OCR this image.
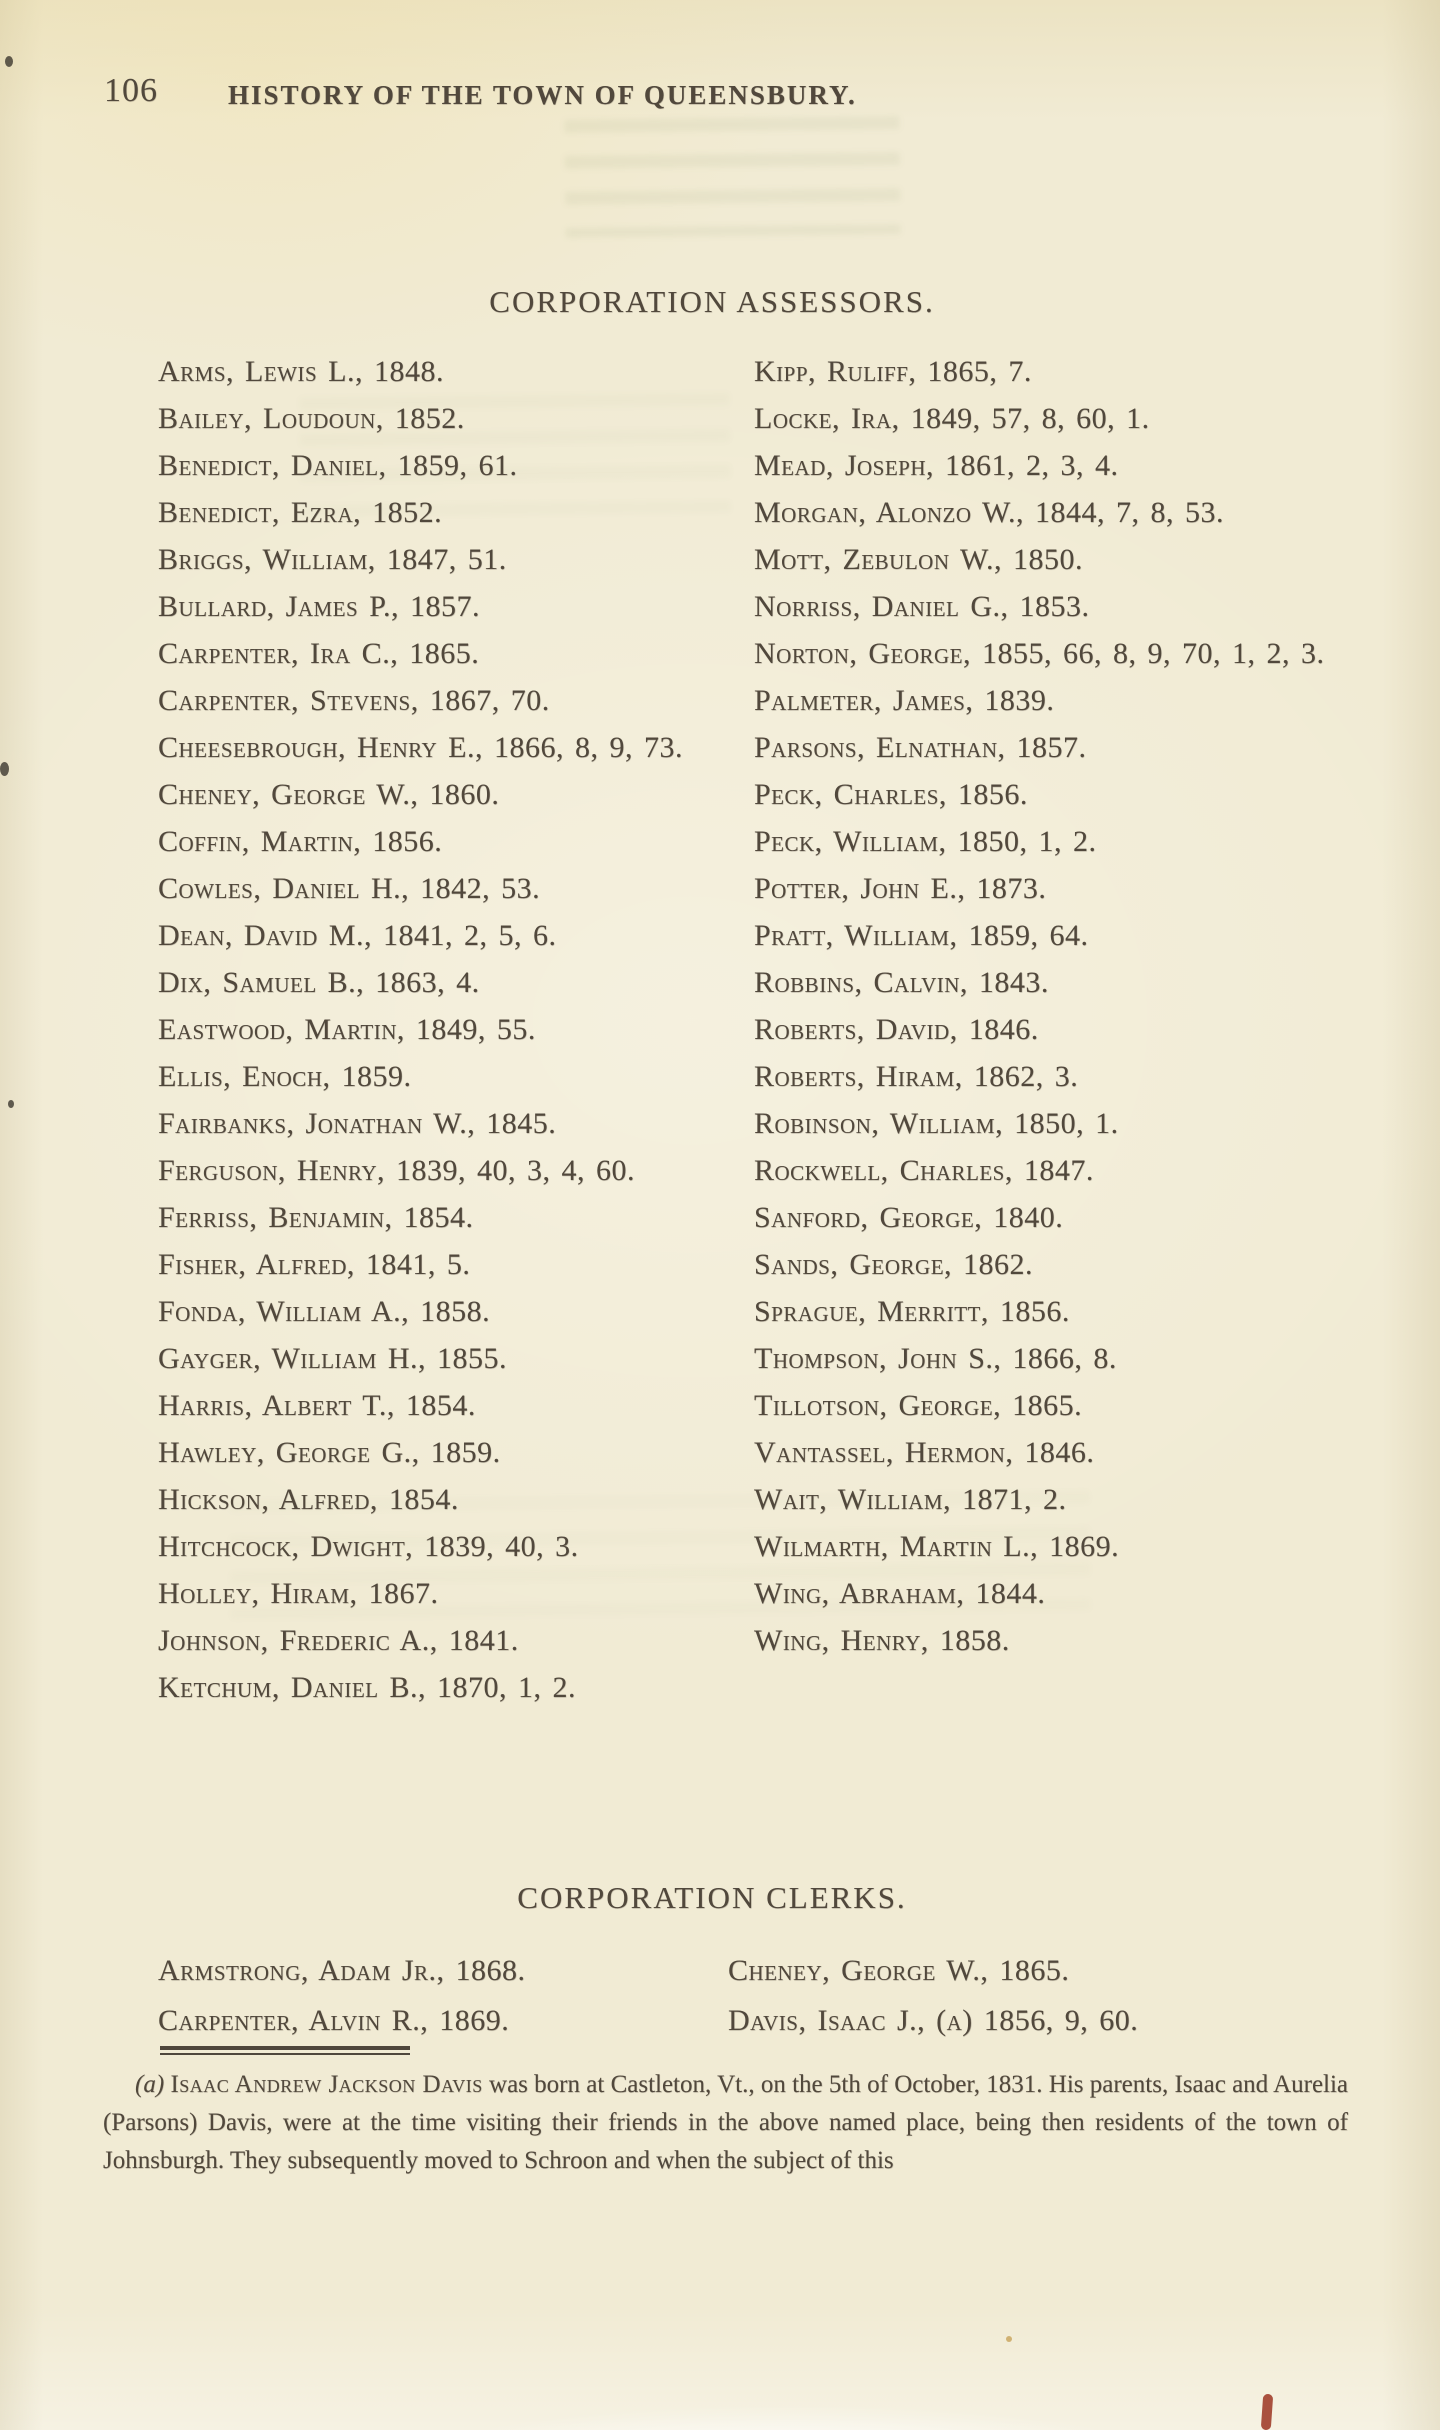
106	HISTORY OF THE TOWN OF QUEENSBURY.
CORPORATION ASSESSORS.

Arms, Lewis L., 1848.

Bailey, Loudoun, 1852.

Benedict, Daniel, 1859, 61.

Benedict, Ezra, 1852.

Briggs, William, 1847, 51.

Bullard, James P., 1857.

Carpenter, Ira C., 1865.

Carpenter, Stevens, 1867, 70.

Cheesebrough, Henry E., 1866, 8, 9, 73.

Cheney, George W., 1860.

Coffin, Martin, 1856.

Cowles, Daniel H., 1842, 53.

Dean, David M., 1841, 2, 5, 6.

Dix, Samuel B., 1863, 4.

Eastwood, Martin, 1849, 55.

Ellis, Enoch, 1859.

Fairbanks, Jonathan W., 1845.

Ferguson, Henry, 1839, 40, 3, 4, 60.

Ferriss, Benjamin, 1854.

Fisher, Alfred, 1841, 5.

Fonda, William A., 1858.

Gayger, William H., 1855.

Harris, Albert T., 1854.

Hawley, George G., 1859.

Hickson, Alfred, 1854.

Hitchcock, Dwight, 1839, 40, 3.

Holley, Hiram, 1867.

Johnson, Frederic A., 1841.

Ketchum, Daniel B., 1870, 1, 2.

Kipp, Ruliff, 1865, 7.

Locke, Ira, 1849, 57, 8, 60, 1.

Mead, Joseph, 1861, 2, 3, 4.

Morgan, Alonzo W., 1844, 7, 8, 53.

Mott, Zebulon W., 1850.

Norriss, Daniel G., 1853.

Norton, George, 1855, 66, 8, 9, 70, 1, 2, 3.

Palmeter, James, 1839.

Parsons, Elnathan, 1857.

Peck, Charles, 1856.

Peck, William, 1850, 1, 2.

Potter, John E., 1873.

Pratt, William, 1859, 64.

Robbins, Calvin, 1843.

Roberts, David, 1846.

Roberts, Hiram, 1862, 3.

Robinson, William, 1850, 1.

Rockwell, Charles, 1847.

Sanford, George, 1840.

Sands, George, 1862.

Sprague, Merritt, 1856.

Thompson, John S., 1866, 8.

Tillotson, George, 1865.

Vantassel, Hermon, 1846.

Wait, William, 1871, 2.

Wilmarth, Martin L., 1869.

Wing, Abraham, 1844.

Wing, Henry, 1858.

CORPORATION CLERKS.

Armstrong, Adam Jr., 1868.

Carpenter, Alvin R., 1869.

Cheney, George W., 1865.

Davis, Isaac J., (a) 1856, 9, 60.

(a) Isaac Andrew Jackson Davis was born at Castleton, Vt., on the 5th of October, 1831. His parents, Isaac and Aurelia (Parsons) Davis, were at the time visiting their friends in the above named place, being then residents of the town of Johnsburgh. They subsequently moved to Schroon and when the subject of this
